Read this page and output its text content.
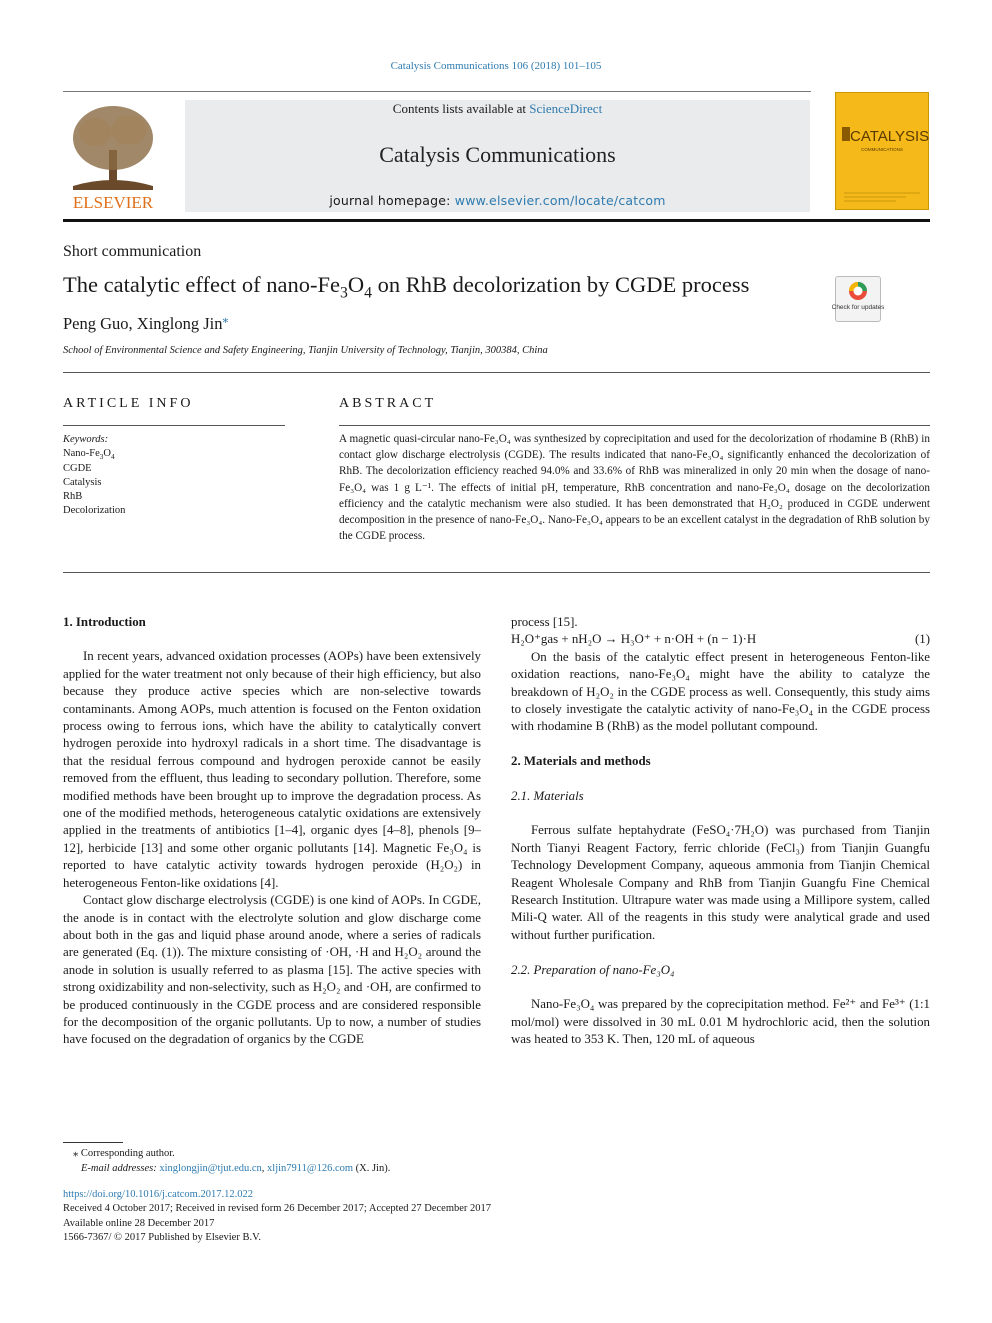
Catalysis Communications 106 (2018) 101–105
ELSEVIER
Contents lists available at ScienceDirect
Catalysis Communications
journal homepage: www.elsevier.com/locate/catcom
CATALYSIS
COMMUNICATIONS
Short communication
The catalytic effect of nano-$Fe_3O_4$ on RhB decolorization by CGDE process
Check for updates
Peng Guo, Xinglong Jin⁎
School of Environmental Science and Safety Engineering, Tianjin University of Technology, Tianjin, 300384, China
ARTICLE INFO	ABSTRACT
Keywords:
Nano-$Fe_3O_4$
CGDE
Catalysis
RhB
Decolorization
A magnetic quasi-circular nano-Fe₃O₄ was synthesized by coprecipitation and used for the decolorization of rhodamine B (RhB) in contact glow discharge electrolysis (CGDE). The results indicated that nano-Fe₃O₄ significantly enhanced the decolorization of RhB. The decolorization efficiency reached 94.0% and 33.6% of RhB was mineralized in only 20 min when the dosage of nano-Fe₃O₄ was 1 g L⁻¹. The effects of initial pH, temperature, RhB concentration and nano-Fe₃O₄ dosage on the decolorization efficiency and the catalytic mechanism were also studied. It has been demonstrated that H₂O₂ produced in CGDE underwent decomposition in the presence of nano-Fe₃O₄. Nano-Fe₃O₄ appears to be an excellent catalyst in the degradation of RhB solution by the CGDE process.

1. Introduction

In recent years, advanced oxidation processes (AOPs) have been extensively applied for the water treatment not only because of their high efficiency, but also because they produce active species which are non-selective towards contaminants. Among AOPs, much attention is focused on the Fenton oxidation process owing to ferrous ions, which have the ability to catalytically convert hydrogen peroxide into hydroxyl radicals in a short time. The disadvantage is that the residual ferrous compound and hydrogen peroxide cannot be easily removed from the effluent, thus leading to secondary pollution. Therefore, some modified methods have been brought up to improve the degradation process. As one of the modified methods, heterogeneous catalytic oxidations are extensively applied in the treatments of antibiotics [1–4], organic dyes [4–8], phenols [9–12], herbicide [13] and some other organic pollutants [14]. Magnetic Fe₃O₄ is reported to have catalytic activity towards hydrogen peroxide (H₂O₂) in heterogeneous Fenton-like oxidations [4].

Contact glow discharge electrolysis (CGDE) is one kind of AOPs. In CGDE, the anode is in contact with the electrolyte solution and glow discharge come about both in the gas and liquid phase around anode, where a series of radicals are generated (Eq. (1)). The mixture consisting of ·OH, ·H and H₂O₂ around the anode in solution is usually referred to as plasma [15]. The active species with strong oxidizability and non-selectivity, such as H₂O₂ and ·OH, are confirmed to be produced continuously in the CGDE process and are considered responsible for the decomposition of the organic pollutants. Up to now, a number of studies have focused on the degradation of organics by the CGDE

process [15].

H₂O⁺gas + nH₂O → H₃O⁺ + n·OH + (n − 1)·H	(1)

On the basis of the catalytic effect present in heterogeneous Fenton-like oxidation reactions, nano-Fe₃O₄ might have the ability to catalyze the breakdown of H₂O₂ in the CGDE process as well. Consequently, this study aims to closely investigate the catalytic activity of nano-Fe₃O₄ in the CGDE process with rhodamine B (RhB) as the model pollutant compound.

2. Materials and methods

2.1. Materials

Ferrous sulfate heptahydrate (FeSO₄·7H₂O) was purchased from Tianjin North Tianyi Reagent Factory, ferric chloride (FeCl₃) from Tianjin Guangfu Technology Development Company, aqueous ammonia from Tianjin Chemical Reagent Wholesale Company and RhB from Tianjin Guangfu Fine Chemical Research Institution. Ultrapure water was made using a Millipore system, called Mili-Q water. All of the reagents in this study were analytical grade and used without further purification.

2.2. Preparation of nano-Fe₃O₄

Nano-Fe₃O₄ was prepared by the coprecipitation method. Fe²⁺ and Fe³⁺ (1:1 mol/mol) were dissolved in 30 mL 0.01 M hydrochloric acid, then the solution was heated to 353 K. Then, 120 mL of aqueous

⁎ Corresponding author.
E-mail addresses: xinglongjin@tjut.edu.cn, xljin7911@126.com (X. Jin).
https://doi.org/10.1016/j.catcom.2017.12.022
Received 4 October 2017; Received in revised form 26 December 2017; Accepted 27 December 2017
Available online 28 December 2017
1566-7367/ © 2017 Published by Elsevier B.V.
